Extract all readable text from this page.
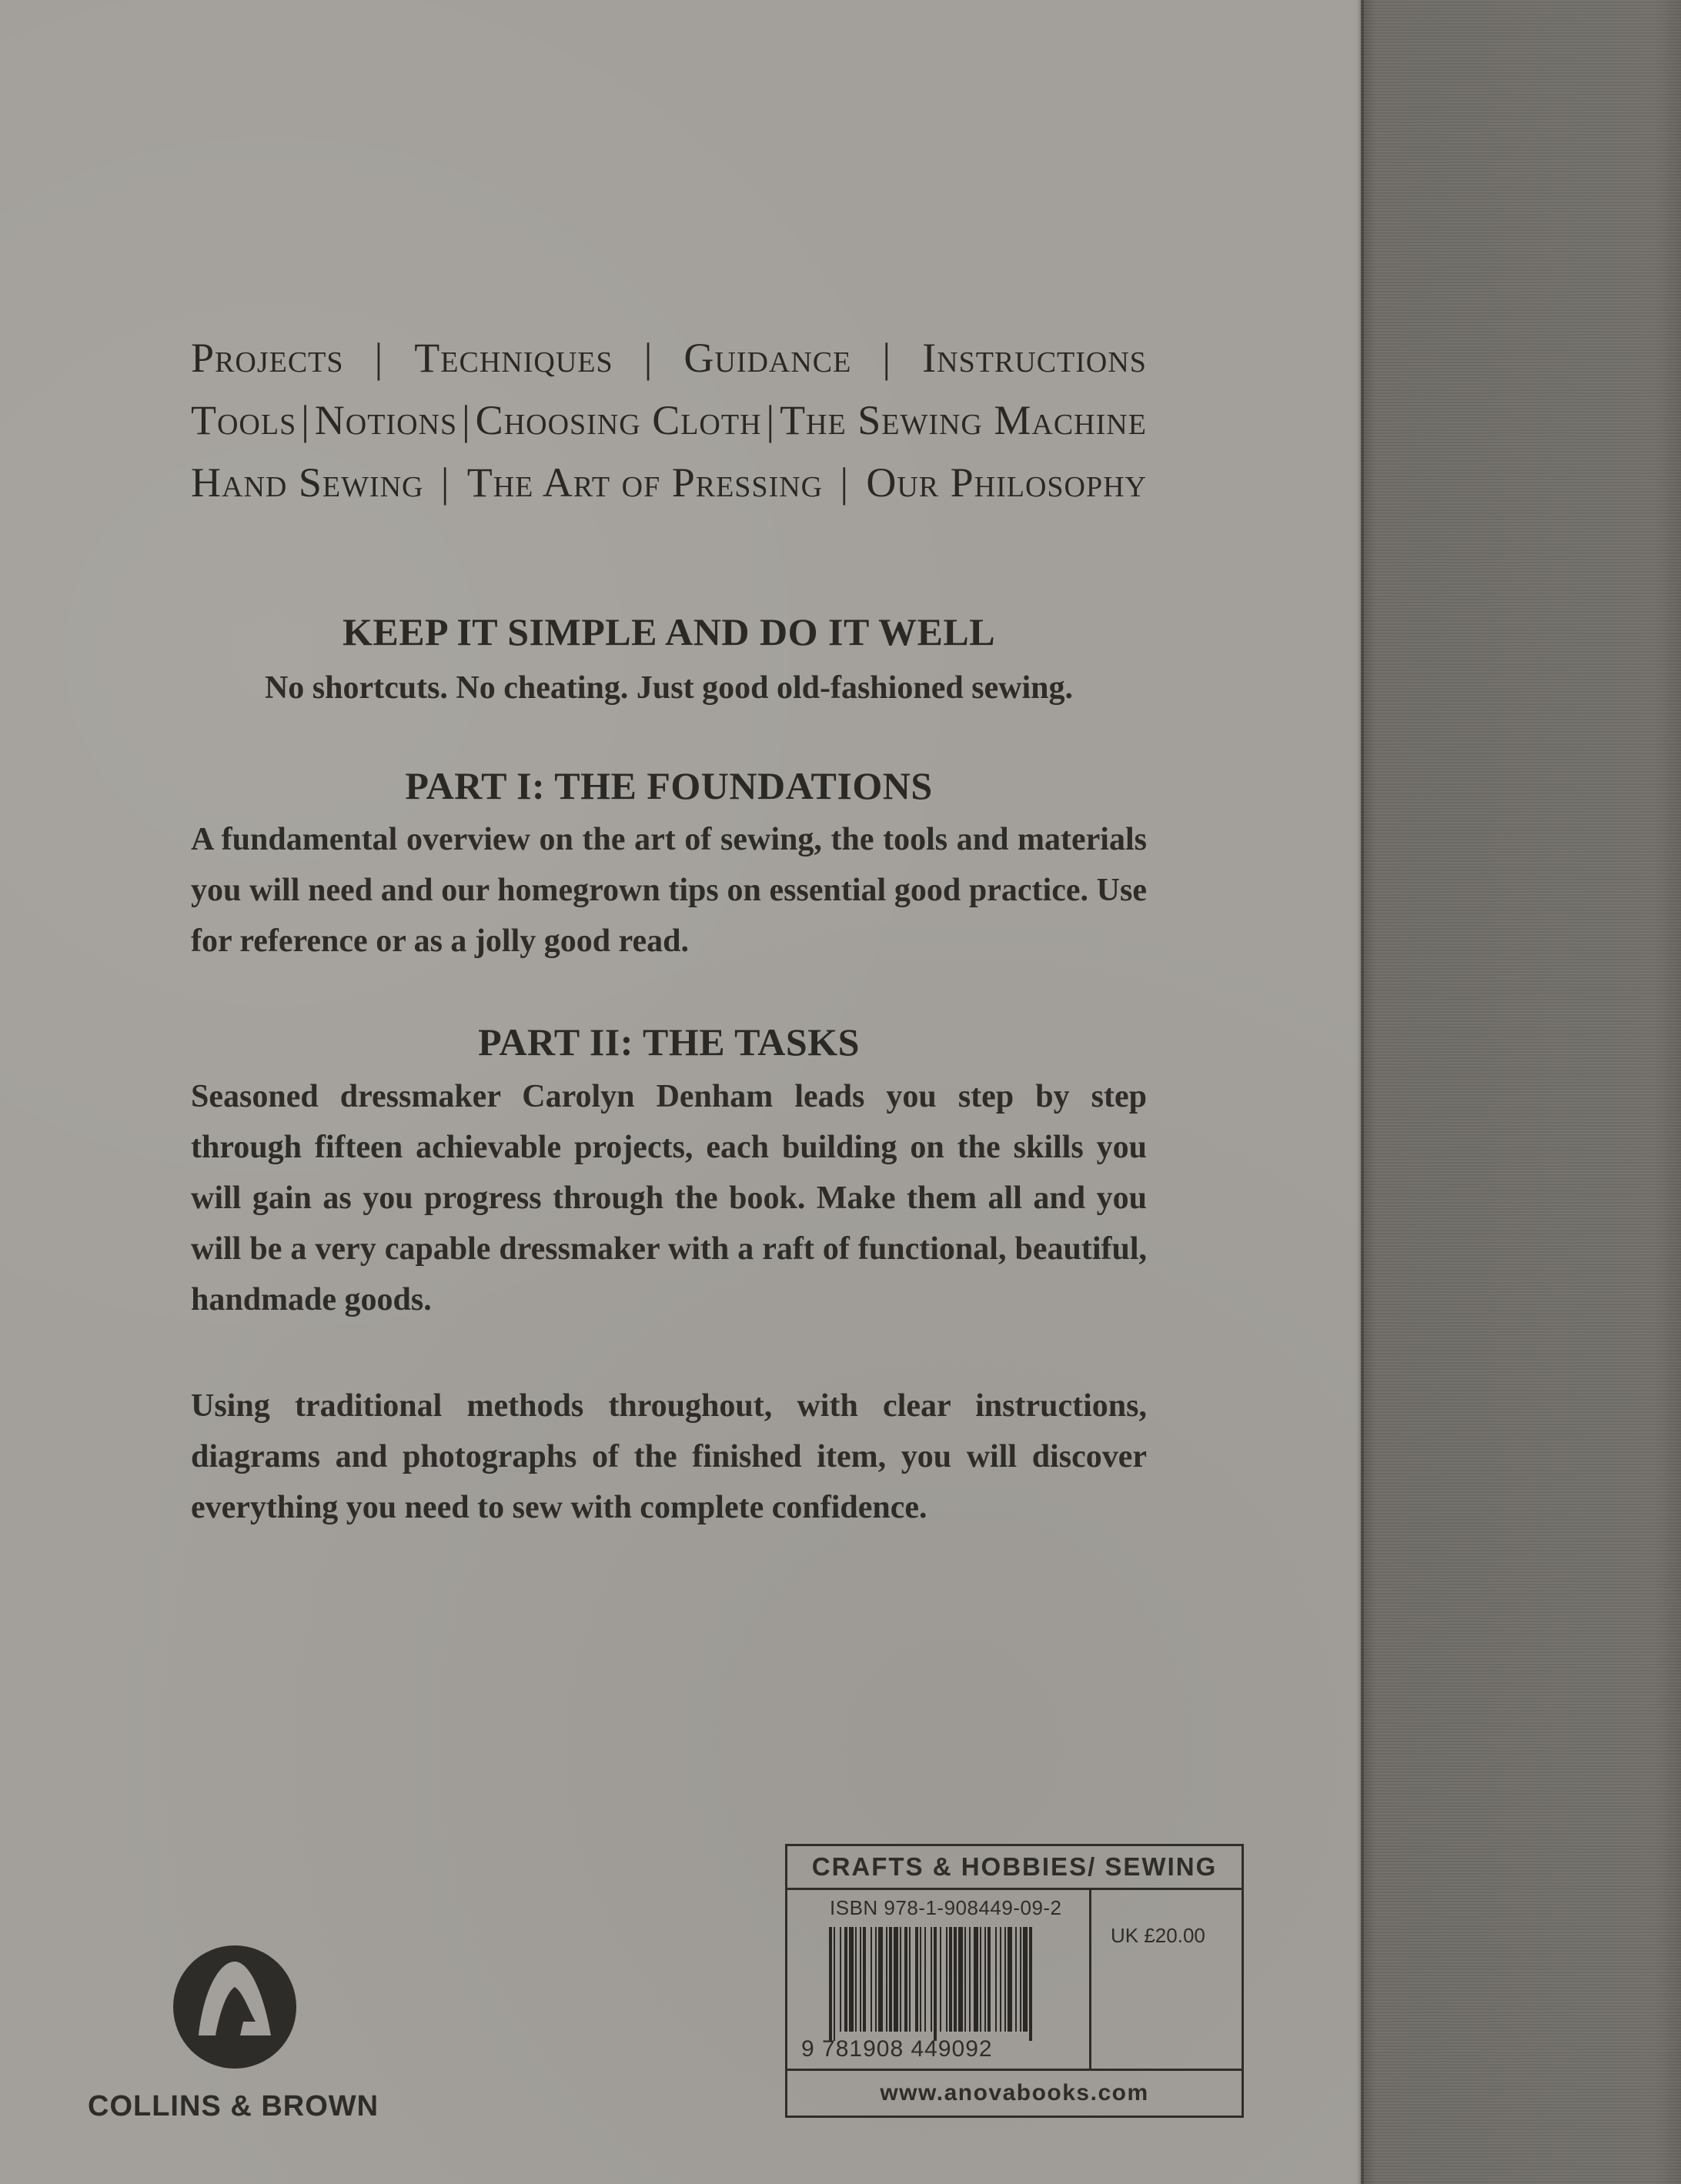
Projects | Techniques | Guidance | Instructions
Tools | Notions | Choosing Cloth | The Sewing Machine
Hand Sewing | The Art of Pressing | Our Philosophy
KEEP IT SIMPLE AND DO IT WELL
No shortcuts. No cheating. Just good old-fashioned sewing.
PART I: THE FOUNDATIONS
A fundamental overview on the art of sewing, the tools and materials you will need and our homegrown tips on essential good practice. Use for reference or as a jolly good read.
PART II: THE TASKS
Seasoned dressmaker Carolyn Denham leads you step by step through fifteen achievable projects, each building on the skills you will gain as you progress through the book. Make them all and you will be a very capable dressmaker with a raft of functional, beautiful, handmade goods.
Using traditional methods throughout, with clear instructions, diagrams and photographs of the finished item, you will discover everything you need to sew with complete confidence.
CRAFTS & HOBBIES/ SEWING
ISBN 978-1-908449-09-2
9 781908 449092
UK £20.00
www.anovabooks.com
COLLINS & BROWN
